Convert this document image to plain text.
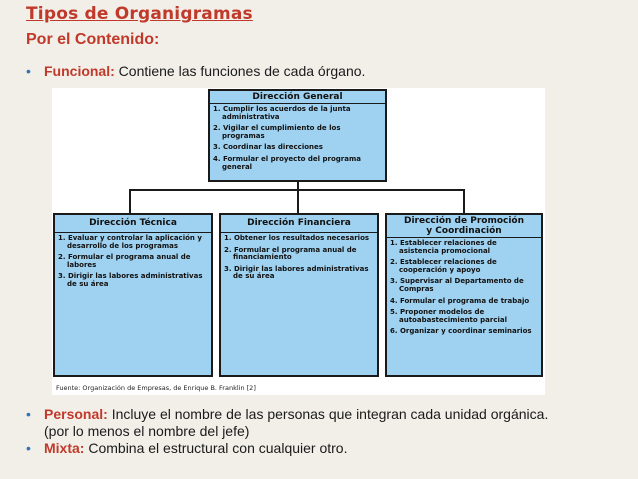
Tipos de Organigramas
Por el Contenido:
• Funcional: Contiene las funciones de cada órgano.
Dirección General
1. Cumplir los acuerdos de la junta administrativa
2. Vigilar el cumplimiento de los programas
3. Coordinar las direcciones
4. Formular el proyecto del programa general
Dirección Técnica
1. Evaluar y controlar la aplicación y desarrollo de los programas
2. Formular el programa anual de labores
3. Dirigir las labores administrativas de su área
Dirección Financiera
1. Obtener los resultados necesarios
2. Formular el programa anual de financiamiento
3. Dirigir las labores administrativas de su área
Dirección de Promoción
y Coordinación
1. Establecer relaciones de asistencia promocional
2. Establecer relaciones de cooperación y apoyo
3. Supervisar al Departamento de Compras
4. Formular el programa de trabajo
5. Proponer modelos de autoabastecimiento parcial
6. Organizar y coordinar seminarios
Fuente: Organización de Empresas, de Enrique B. Franklin [2]
• Personal: Incluye el nombre de las personas que integran cada unidad orgánica.
(por lo menos el nombre del jefe)
• Mixta: Combina el estructural con cualquier otro.
